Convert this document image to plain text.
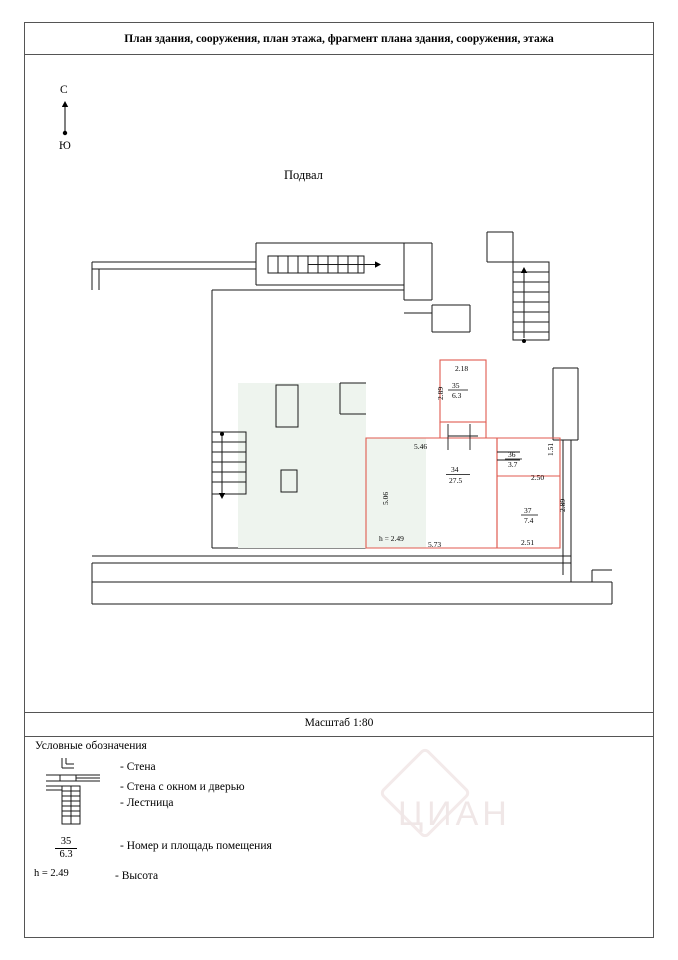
План здания, сооружения, план этажа, фрагмент плана здания, сооружения, этажа
Подвал
С
Ю
2.18
2.89
35
6.3
5.46
5.06
5.73
h = 2.49
34
27.5
36
3.7
2.50
1.51
37
7.4
2.51
2.89
ЦИАН
Масштаб 1:80
Условные обозначения
- Стена
- Стена с окном и дверью
- Лестница
- Номер и площадь помещения
- Высота
35
6.3
h = 2.49
